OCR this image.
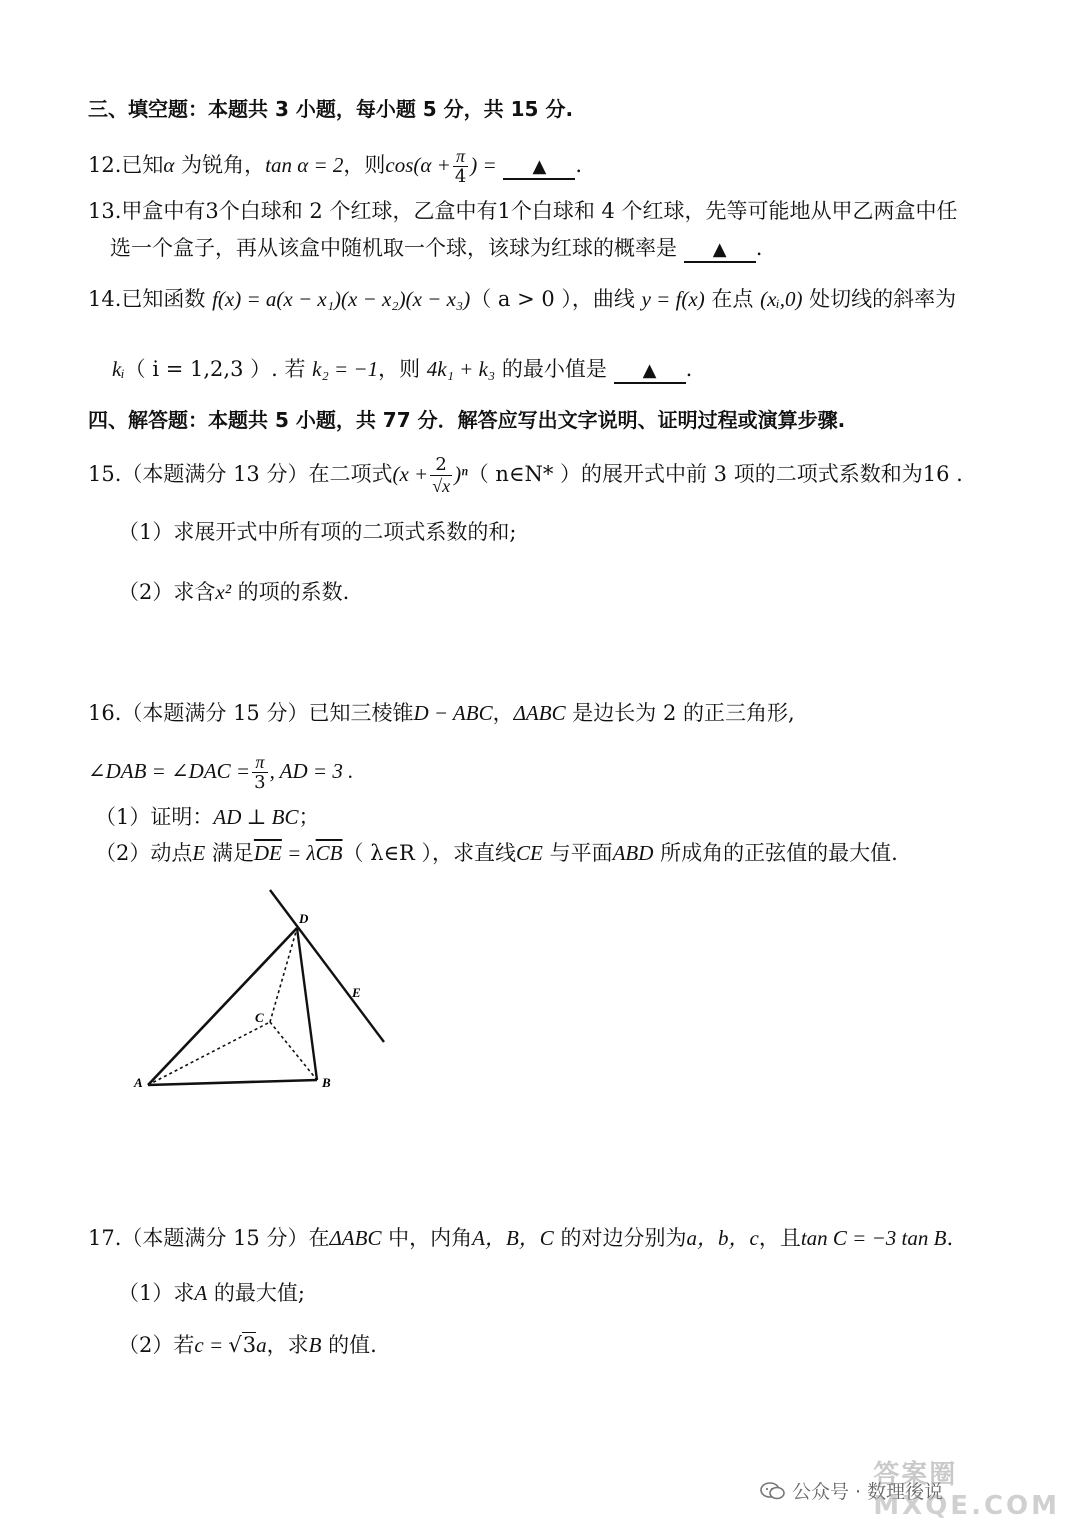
三、填空题：本题共 3 小题，每小题 5 分，共 15 分.
12.已知α 为锐角，tan α = 2，则$\cos(\alpha + \frac{\pi}{4}$ ) = ▲ .
13.甲盒中有3个白球和 2 个红球，乙盒中有1个白球和 4 个红球，先等可能地从甲乙两盒中任
选一个盒子，再从该盒中随机取一个球，该球为红球的概率是 ▲ .
14.已知函数 f(x) = a(x − x₁)(x − x₂)(x − x₃)（ a > 0 ），曲线 y = f(x) 在点 (xᵢ,0) 处切线的斜率为
kᵢ（ i = 1,2,3 ）. 若 k₂ = −1，则 4k₁ + k₃ 的最小值是 ▲ .
四、解答题：本题共 5 小题，共 77 分．解答应写出文字说明、证明过程或演算步骤.
15.（本题满分 13 分）在二项式$(x + \frac{2}{√x} )^n$（ n∈N* ）的展开式中前 3 项的二项式系数和为16 .
（1）求展开式中所有项的二项式系数的和;
（2）求含x² 的项的系数.
16.（本题满分 15 分）已知三棱锥D − ABC，ΔABC 是边长为 2 的正三角形,
∠DAB = ∠DAC = $\frac{\pi}{3}$ , AD = 3 .
（1）证明：AD ⊥ BC；
（2）动点E 满足$\overline{DE} = \lambda\overline{CB}$（ λ∈R ），求直线CE 与平面ABD 所成角的正弦值的最大值.
A	B
C
D
E
17.（本题满分 15 分）在ΔABC 中，内角A，B，C 的对边分别为a，b，c，且tan C = −3 tan B.
（1）求A 的最大值;
（2）若c = √3a，求B 的值.
公众号 · 数理後说
答案圈
MXQE.COM
